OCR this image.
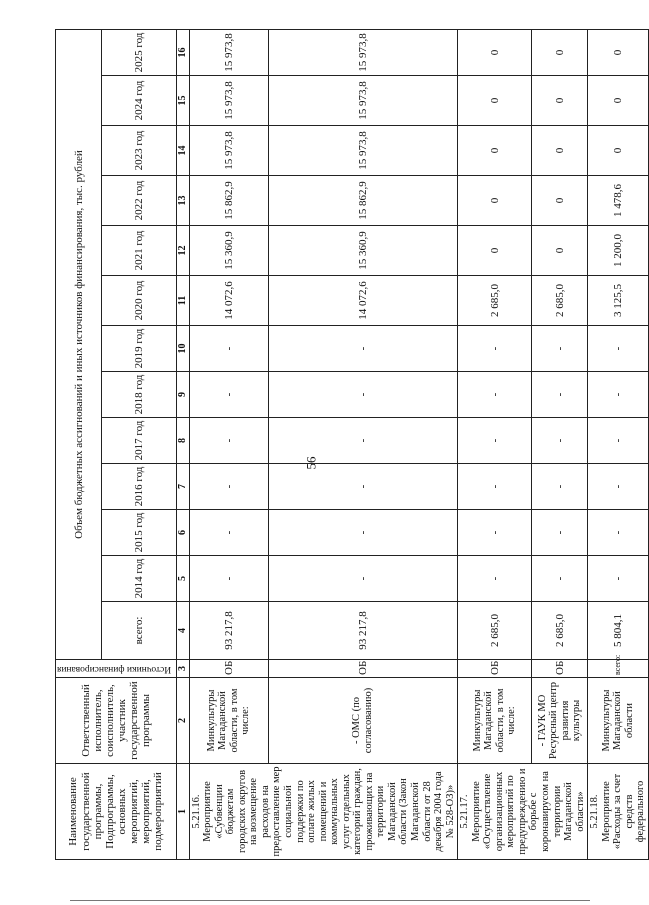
56
Наименование государственной программы, Подпрограммы, основных мероприятий, мероприятий, подмероприятий	Ответственный исполнитель, соисполнитель, участник государственной программы	Источники финансирования	Объем бюджетных ассигнований и иных источников финансирования, тыс. рублей												
			всего:	2014 год	2015 год	2016 год	2017 год	2018 год	2019 год	2020 год	2021 год	2022 год	2023 год	2024 год	2025 год
1	2	3	4	5	6	7	8	9	10	11	12	13	14	15	16
5.21.16. Мероприятие «Субвенции бюджетам городских округов на возмещение расходов на предоставление мер социальной поддержки по оплате жилых помещений и коммунальных услуг отдельных категорий граждан, проживающих на территории Магаданской области (Закон Магаданской области от 28 декабря 2004 года № 528-ОЗ)»	Минкультуры Магаданской области, в том числе:	ОБ	93 217,8	-	-	-	-	-	-	14 072,6	15 360,9	15 862,9	15 973,8	15 973,8	15 973,8
	- ОМС (по согласованию)	ОБ	93 217,8	-	-	-	-	-	-	14 072,6	15 360,9	15 862,9	15 973,8	15 973,8	15 973,8
5.21.17. Мероприятие «Осуществление организационных мероприятий по предупреждению и борьбе с коронавирусом на территории Магаданской области»	Минкультуры Магаданской области, в том числе:	ОБ	2 685,0	-	-	-	-	-	-	2 685,0	0	0	0	0	0
	- ГАУК МО Ресурсный центр развития культуры	ОБ	2 685,0	-	-	-	-	-	-	2 685,0	0	0	0	0	0
5.21.18. Мероприятие «Расходы за счет средств федерального	Минкультуры Магаданской области	всего:	5 804,1	-	-	-	-	-	-	3 125,5	1 200,0	1 478,6	0	0	0
